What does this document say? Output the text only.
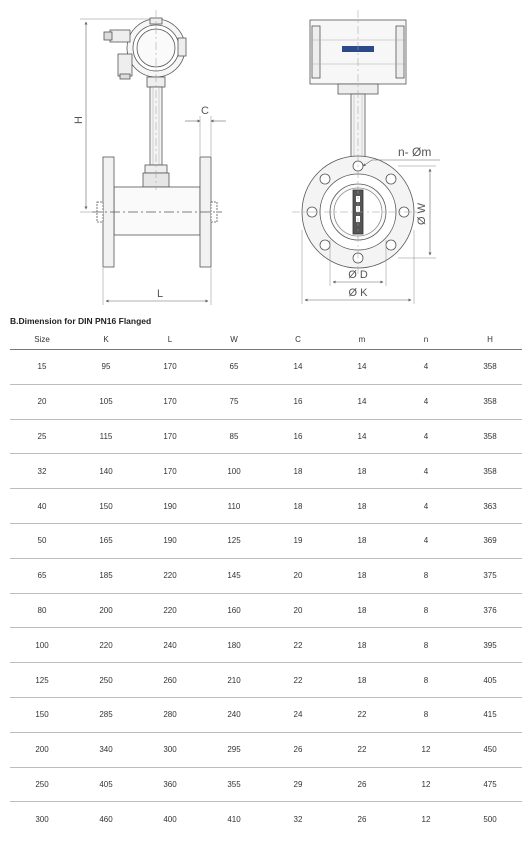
H
C
L
n- Øm
Ø W
Ø D
Ø K
B.Dimension for DIN PN16 Flanged
Size	K	L	W	C	m	n	H
15	95	170	65	14	14	4	358
20	105	170	75	16	14	4	358
25	115	170	85	16	14	4	358
32	140	170	100	18	18	4	358
40	150	190	110	18	18	4	363
50	165	190	125	19	18	4	369
65	185	220	145	20	18	8	375
80	200	220	160	20	18	8	376
100	220	240	180	22	18	8	395
125	250	260	210	22	18	8	405
150	285	280	240	24	22	8	415
200	340	300	295	26	22	12	450
250	405	360	355	29	26	12	475
300	460	400	410	32	26	12	500
